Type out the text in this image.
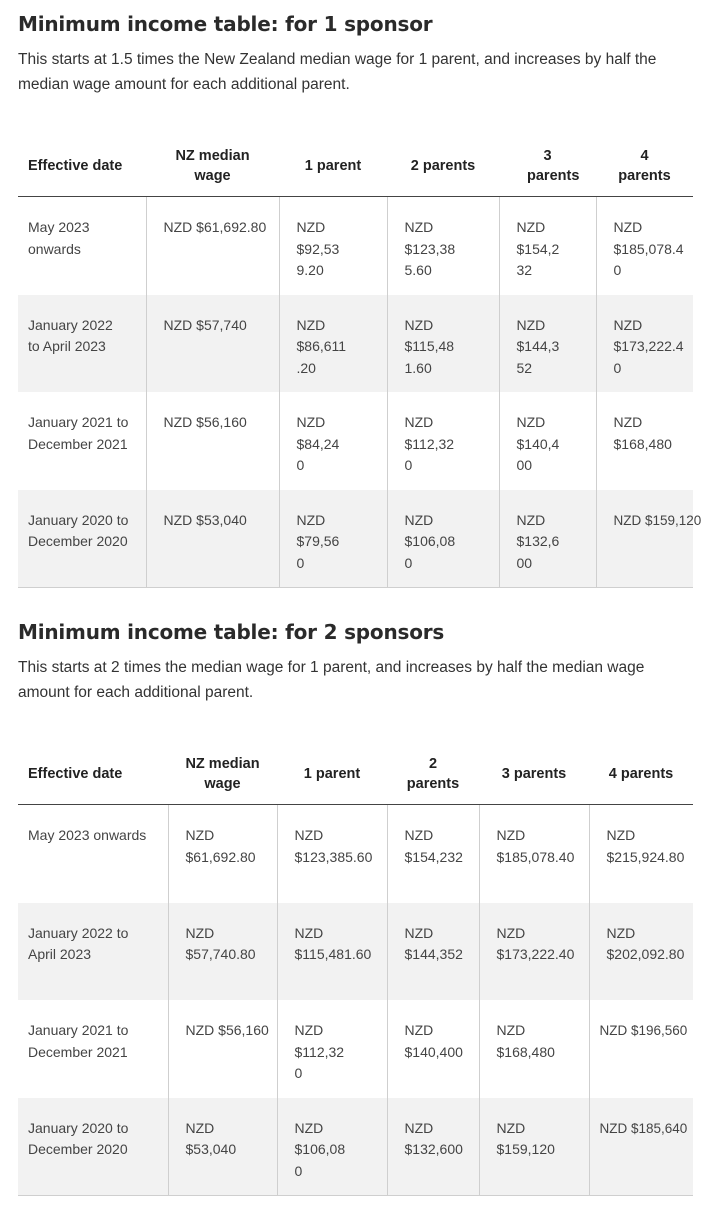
Minimum income table: for 1 sponsor

This starts at 1.5 times the New Zealand median wage for 1 parent, and increases by half the median wage amount for each additional parent.

Effective date	NZ median wage	1 parent	2 parents	3 parents	4 parents
May 2023 onwards	NZD $61,692.80	NZD $92,539.20	NZD $123,385.60	NZD $154,232	NZD $185,078.40
January 2022 to April 2023	NZD $57,740	NZD $86,611.20	NZD $115,481.60	NZD $144,352	NZD $173,222.40
January 2021 to December 2021	NZD $56,160	NZD $84,240	NZD $112,320	NZD $140,400	NZD $168,480
January 2020 to December 2020	NZD $53,040	NZD $79,560	NZD $106,080	NZD $132,600	NZD $159,120
Minimum income table: for 2 sponsors

This starts at 2 times the median wage for 1 parent, and increases by half the median wage amount for each additional parent.

Effective date	NZ median wage	1 parent	2 parents	3 parents	4 parents
May 2023 onwards	NZD $61,692.80	NZD $123,385.60	NZD $154,232	NZD $185,078.40	NZD $215,924.80
January 2022 to April 2023	NZD $57,740.80	NZD $115,481.60	NZD $144,352	NZD $173,222.40	NZD $202,092.80
January 2021 to December 2021	NZD $56,160	NZD $112,320	NZD $140,400	NZD $168,480	NZD $196,560
January 2020 to December 2020	NZD $53,040	NZD $106,080	NZD $132,600	NZD $159,120	NZD $185,640
